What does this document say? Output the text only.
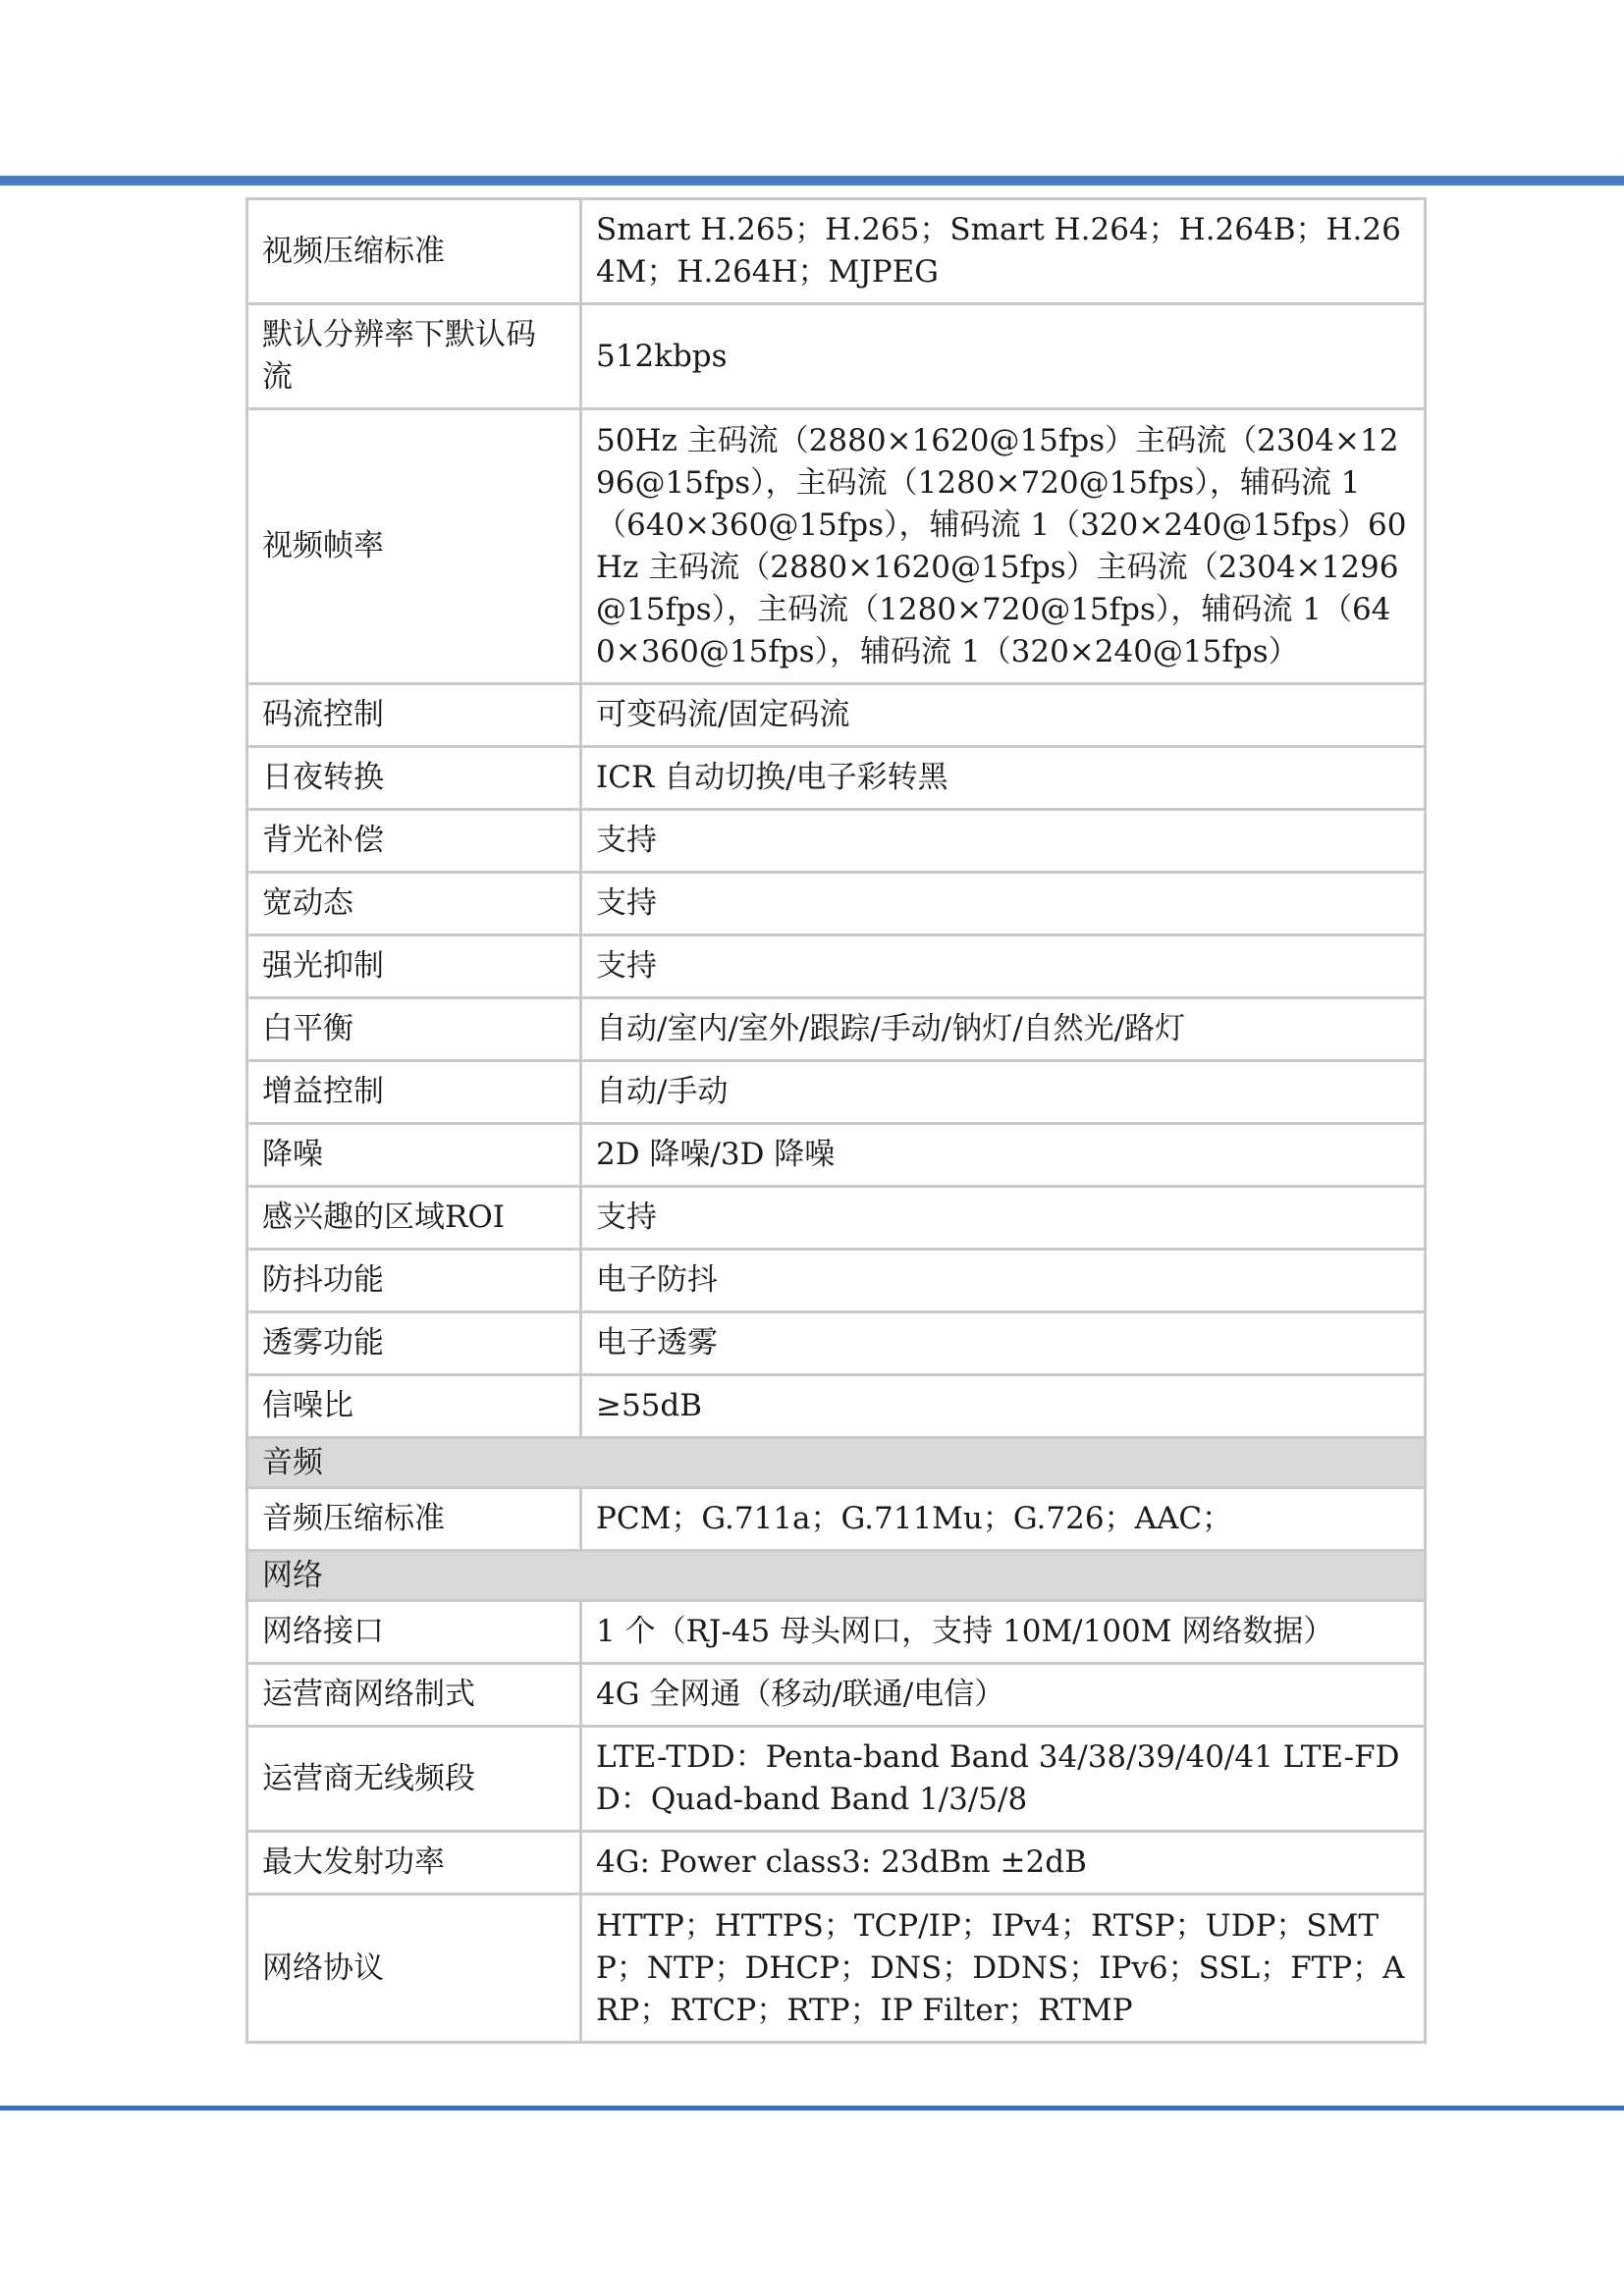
视频压缩标准	Smart H.265；H.265；Smart H.264；H.264B；H.264M；H.264H；MJPEG
默认分辨率下默认码流	512kbps
视频帧率	50Hz 主码流（2880×1620@15fps）主码流（2304×1296@15fps），主码流（1280×720@15fps），辅码流 1（640×360@15fps），辅码流 1（320×240@15fps）60Hz 主码流（2880×1620@15fps）主码流（2304×1296@15fps），主码流（1280×720@15fps），辅码流 1（640×360@15fps），辅码流 1（320×240@15fps）
码流控制	可变码流/固定码流
日夜转换	ICR 自动切换/电子彩转黑
背光补偿	支持
宽动态	支持
强光抑制	支持
白平衡	自动/室内/室外/跟踪/手动/钠灯/自然光/路灯
增益控制	自动/手动
降噪	2D 降噪/3D 降噪
感兴趣的区域ROI	支持
防抖功能	电子防抖
透雾功能	电子透雾
信噪比	≥55dB
音频	
音频压缩标准	PCM；G.711a；G.711Mu；G.726；AAC；
网络	
网络接口	1 个（RJ-45 母头网口，支持 10M/100M 网络数据）
运营商网络制式	4G 全网通（移动/联通/电信）
运营商无线频段	LTE-TDD：Penta-band Band 34/38/39/40/41 LTE-FDD：Quad-band Band 1/3/5/8
最大发射功率	4G: Power class3: 23dBm ±2dB
网络协议	HTTP；HTTPS；TCP/IP；IPv4；RTSP；UDP；SMTP；NTP；DHCP；DNS；DDNS；IPv6；SSL；FTP；ARP；RTCP；RTP；IP Filter；RTMP
